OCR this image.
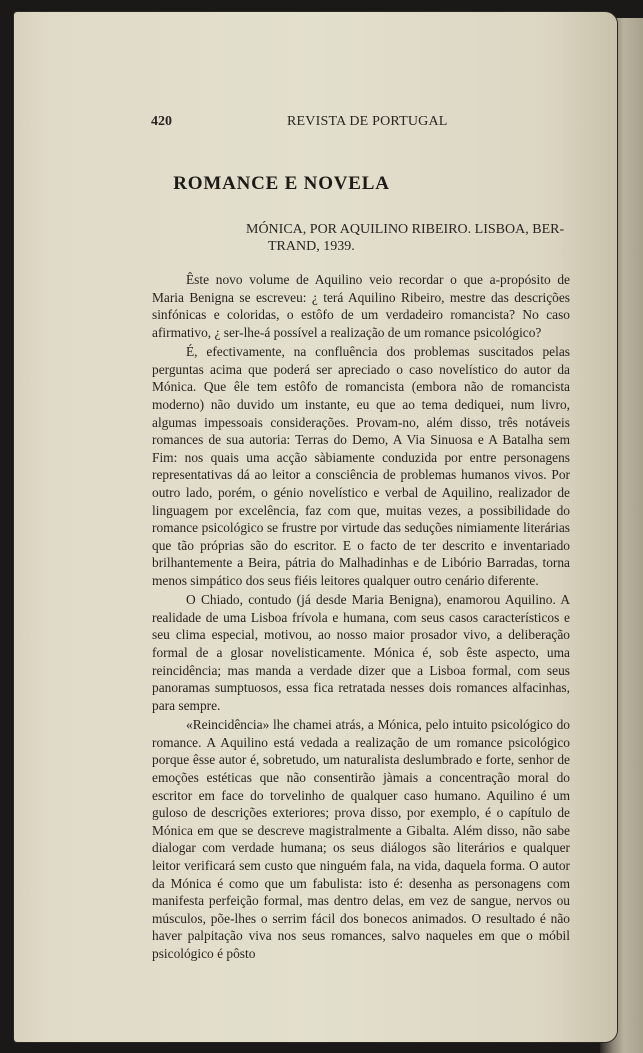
420	REVISTA DE PORTUGAL
ROMANCE E NOVELA
MÓNICA, POR AQUILINO RIBEIRO. LISBOA, BER-
TRAND, 1939.

Êste novo volume de Aquilino veio recordar o que a-propósito de Maria Benigna se escreveu: ¿ terá Aquilino Ribeiro, mestre das descrições sinfónicas e coloridas, o estôfo de um verdadeiro romancista? No caso afirmativo, ¿ ser-lhe-á possível a realização de um romance psicológico?

É, efectivamente, na confluência dos problemas suscitados pelas perguntas acima que poderá ser apreciado o caso novelístico do autor da Mónica. Que êle tem estôfo de romancista (embora não de romancista moderno) não duvido um instante, eu que ao tema dediquei, num livro, algumas impessoais considerações. Provam-no, além disso, três notáveis romances de sua autoria: Terras do Demo, A Via Sinuosa e A Batalha sem Fim: nos quais uma acção sàbiamente conduzida por entre personagens representativas dá ao leitor a consciência de problemas humanos vivos. Por outro lado, porém, o génio novelístico e verbal de Aquilino, realizador de linguagem por excelência, faz com que, muitas vezes, a possibilidade do romance psicológico se frustre por virtude das seduções nimiamente literárias que tão próprias são do escritor. E o facto de ter descrito e inventariado brilhantemente a Beira, pátria do Malhadinhas e de Libório Barradas, torna menos simpático dos seus fiéis leitores qualquer outro cenário diferente.

O Chiado, contudo (já desde Maria Benigna), enamorou Aquilino. A realidade de uma Lisboa frívola e humana, com seus casos característicos e seu clima especial, motivou, ao nosso maior prosador vivo, a deliberação formal de a glosar novelisticamente. Mónica é, sob êste aspecto, uma reincidência; mas manda a verdade dizer que a Lisboa formal, com seus panoramas sumptuosos, essa fica retratada nesses dois romances alfacinhas, para sempre.

«Reincidência» lhe chamei atrás, a Mónica, pelo intuito psicológico do romance. A Aquilino está vedada a realização de um romance psicológico porque êsse autor é, sobretudo, um naturalista deslumbrado e forte, senhor de emoções estéticas que não consentirão jàmais a concentração moral do escritor em face do torvelinho de qualquer caso humano. Aquilino é um guloso de descrições exteriores; prova disso, por exemplo, é o capítulo de Mónica em que se descreve magistralmente a Gibalta. Além disso, não sabe dialogar com verdade humana; os seus diálogos são literários e qualquer leitor verificará sem custo que ninguém fala, na vida, daquela forma. O autor da Mónica é como que um fabulista: isto é: desenha as personagens com manifesta perfeição formal, mas dentro delas, em vez de sangue, nervos ou músculos, põe-lhes o serrim fácil dos bonecos animados. O resultado é não haver palpitação viva nos seus romances, salvo naqueles em que o móbil psicológico é pôsto
